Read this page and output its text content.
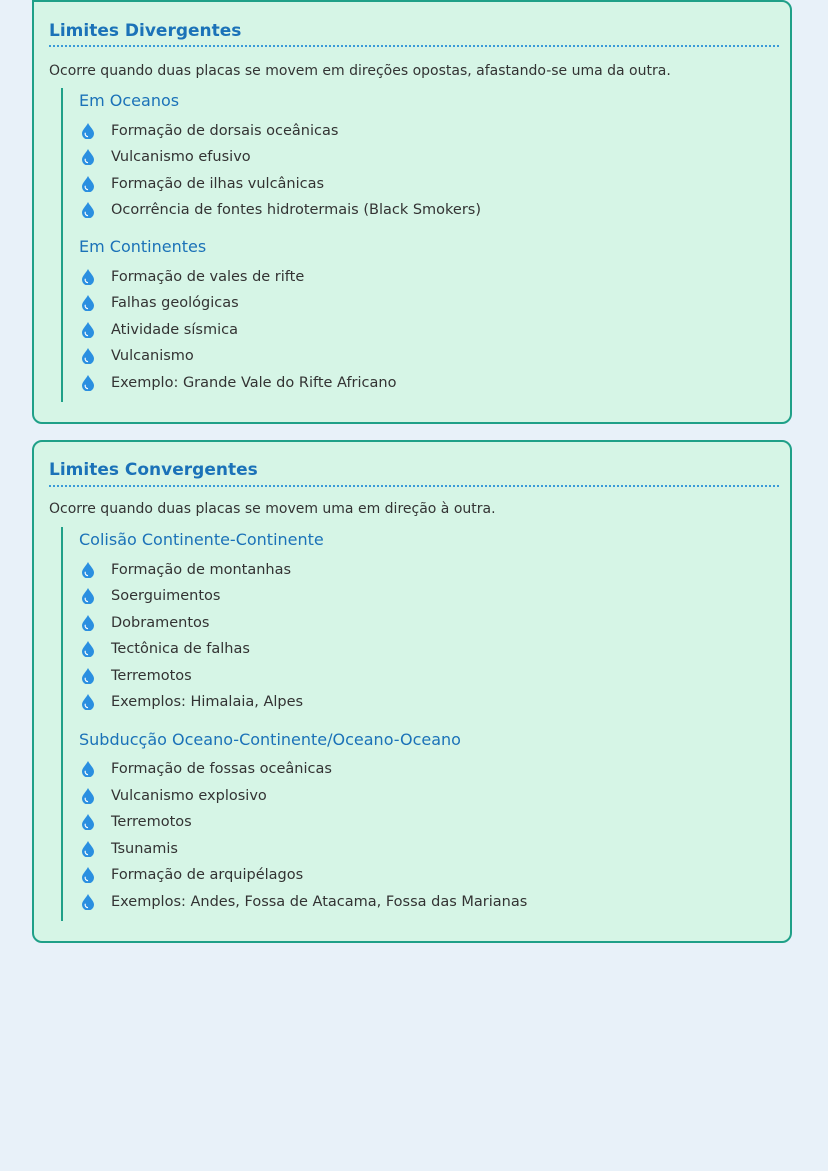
Limites Divergentes

Ocorre quando duas placas se movem em direções opostas, afastando-se uma da outra.

Em Oceanos
Formação de dorsais oceânicas
Vulcanismo efusivo
Formação de ilhas vulcânicas
Ocorrência de fontes hidrotermais (Black Smokers)
Em Continentes
Formação de vales de rifte
Falhas geológicas
Atividade sísmica
Vulcanismo
Exemplo: Grande Vale do Rifte Africano
Limites Convergentes

Ocorre quando duas placas se movem uma em direção à outra.

Colisão Continente-Continente
Formação de montanhas
Soerguimentos
Dobramentos
Tectônica de falhas
Terremotos
Exemplos: Himalaia, Alpes
Subducção Oceano-Continente/Oceano-Oceano
Formação de fossas oceânicas
Vulcanismo explosivo
Terremotos
Tsunamis
Formação de arquipélagos
Exemplos: Andes, Fossa de Atacama, Fossa das Marianas
